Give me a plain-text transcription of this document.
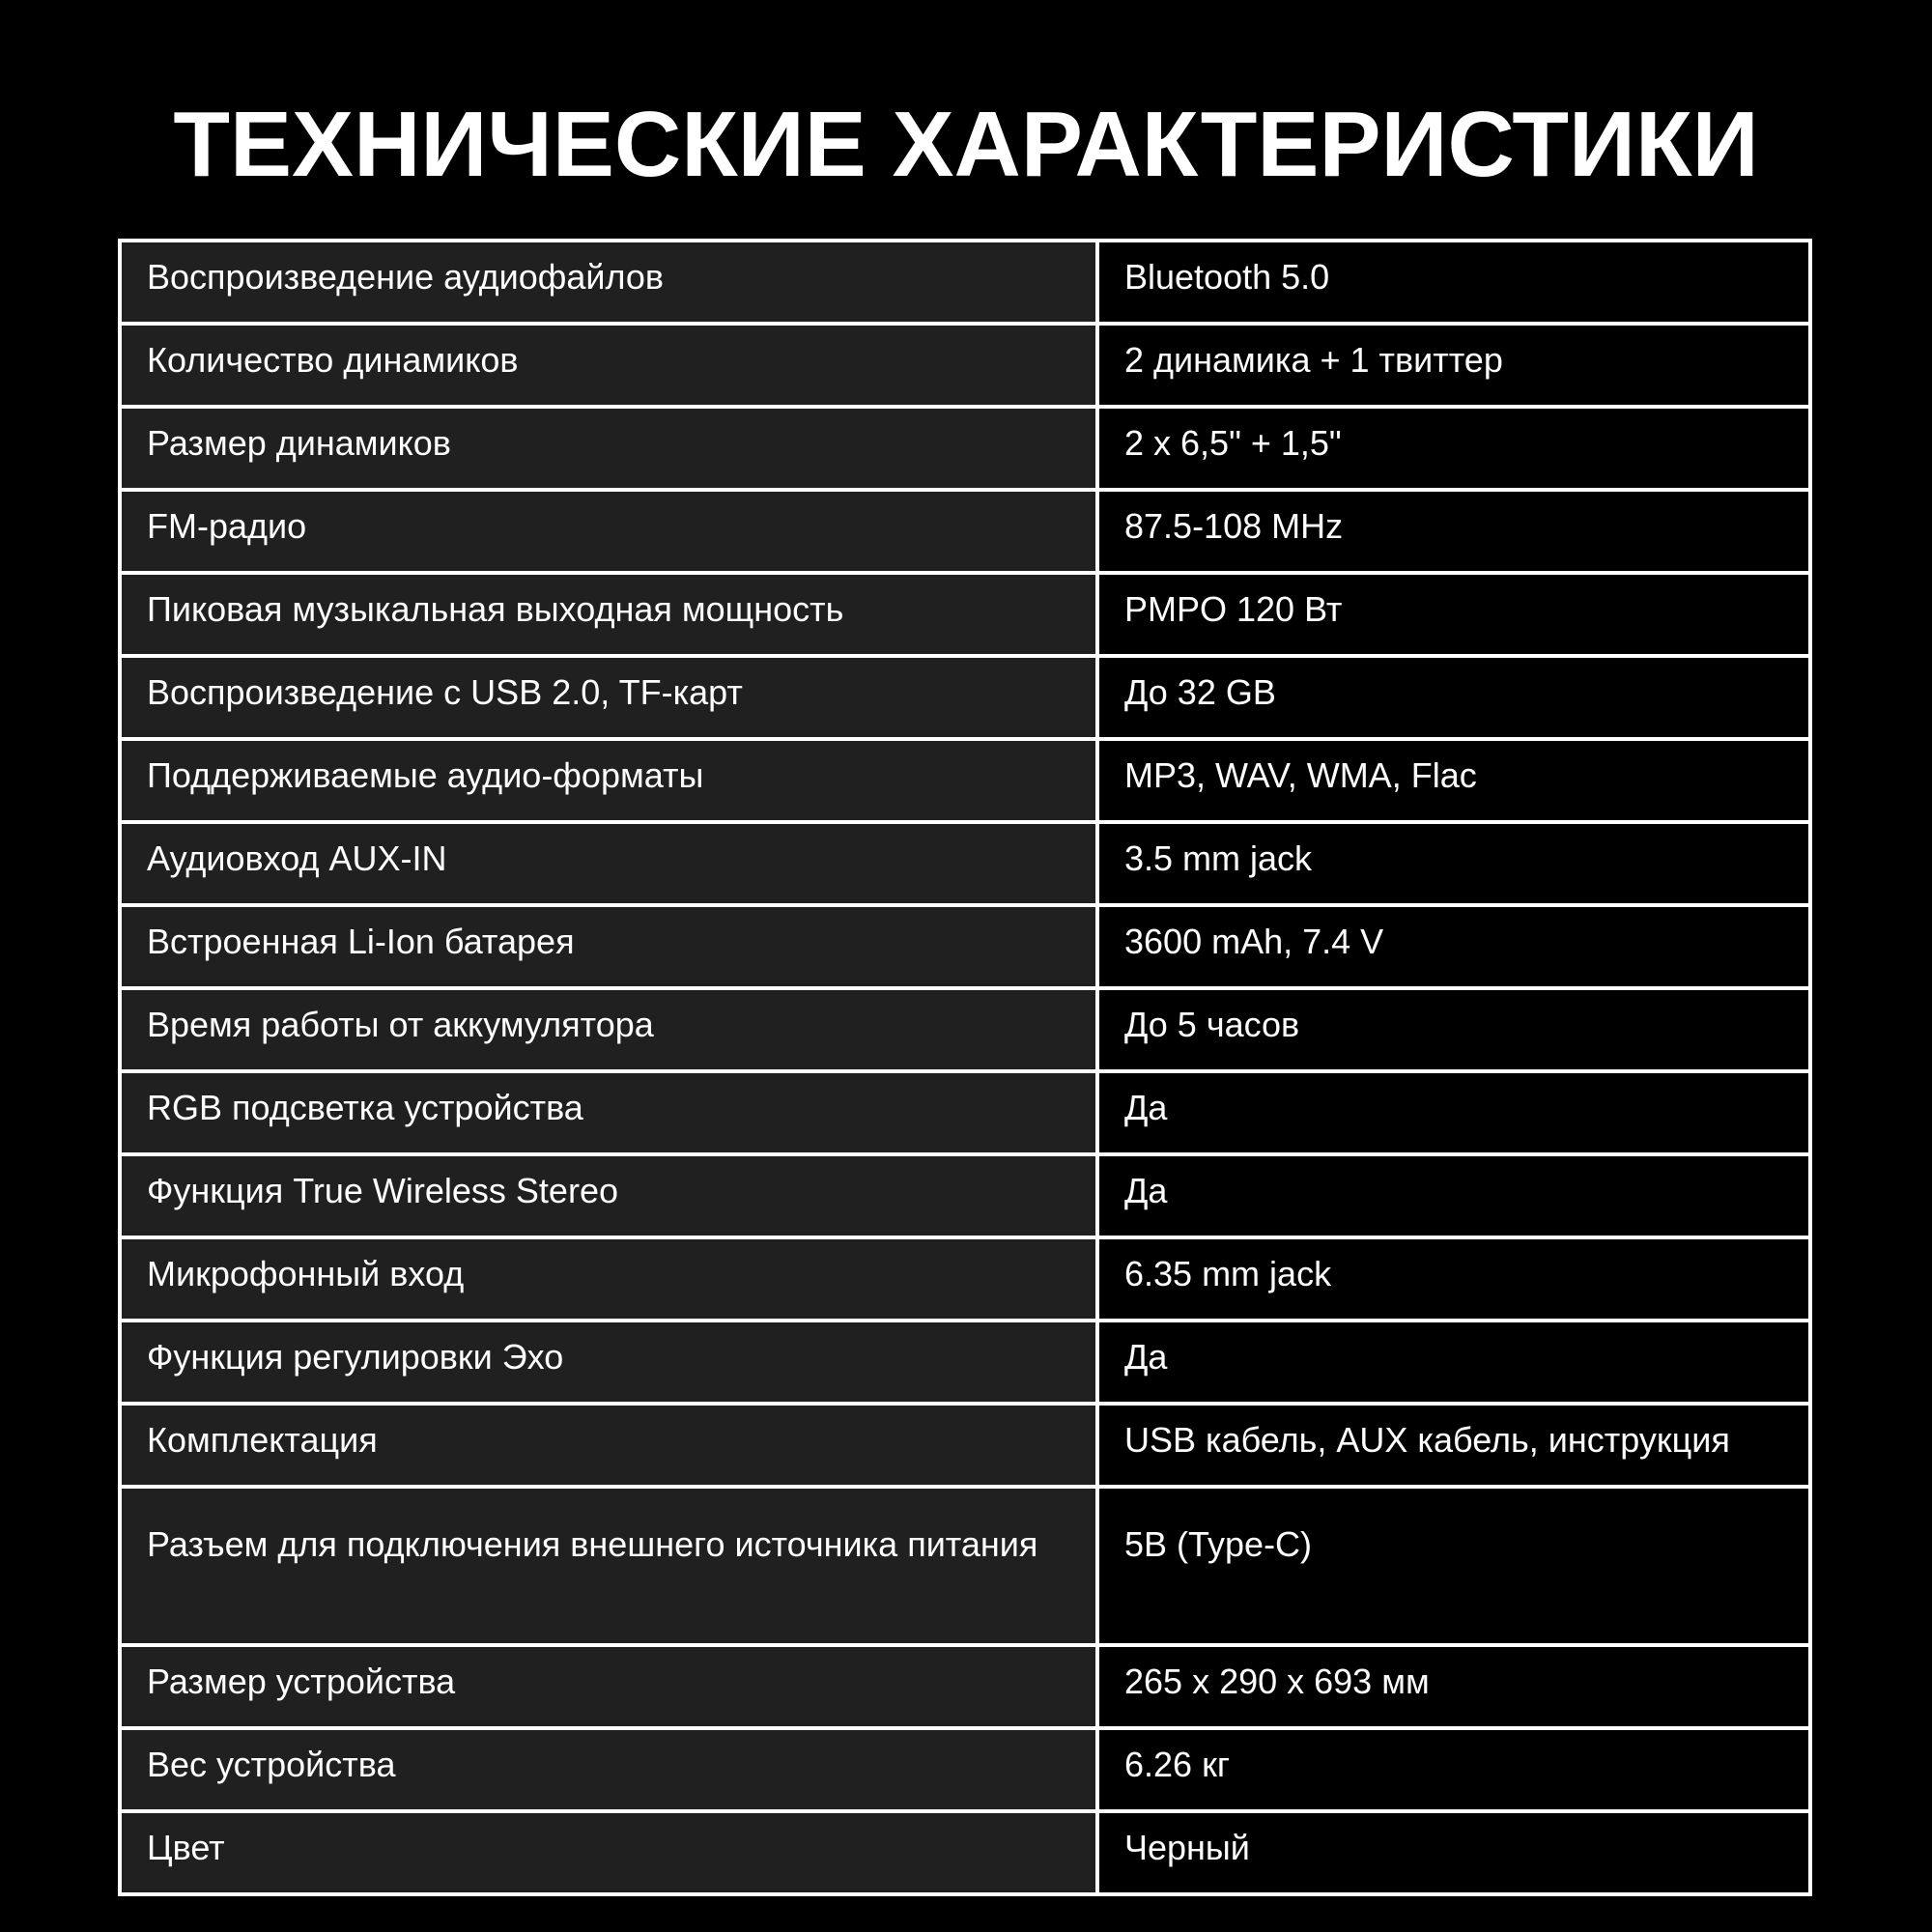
ТЕХНИЧЕСКИЕ ХАРАКТЕРИСТИКИ
Воспроизведение аудиофайлов	Bluetooth 5.0
Количество динамиков	2 динамика + 1 твиттер
Размер динамиков	2 x 6,5" + 1,5"
FM-радио	87.5-108 MHz
Пиковая музыкальная выходная мощность	PMPO 120 Вт
Воспроизведение с USB 2.0, TF-карт	До 32 GB
Поддерживаемые аудио-форматы	MP3, WAV, WMA, Flac
Аудиовход AUX-IN	3.5 mm jack
Встроенная Li-Ion батарея	3600 mAh, 7.4 V
Время работы от аккумулятора	До 5 часов
RGB подсветка устройства	Да
Функция True Wireless Stereo	Да
Микрофонный вход	6.35 mm jack
Функция регулировки Эхо	Да
Комплектация	USB кабель, AUX кабель, инструкция
Разъем для подключения внешнего источника питания	5В (Type-C)
Размер устройства	265 x 290 x 693 мм
Вес устройства	6.26 кг
Цвет	Черный
